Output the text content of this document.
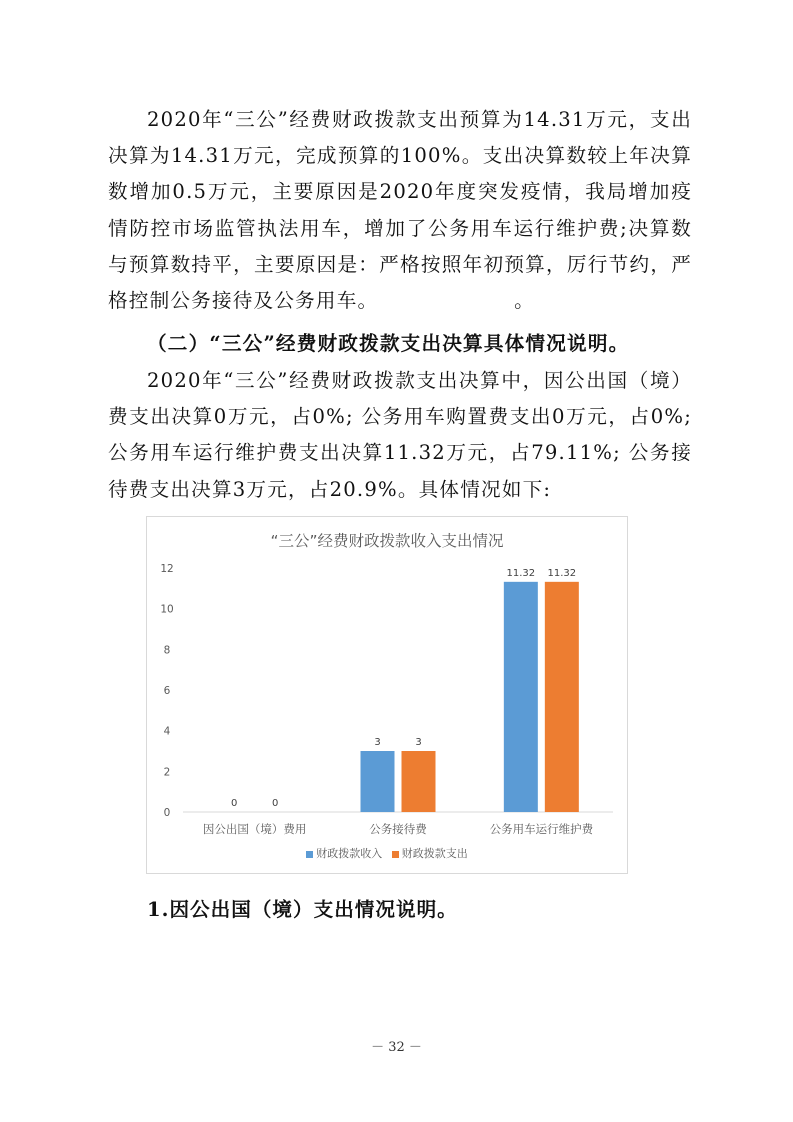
2020年“三公”经费财政拨款支出预算为14.31万元，支出决算为14.31万元，完成预算的100%。支出决算数较上年决算数增加0.5万元，主要原因是2020年度突发疫情，我局增加疫情防控市场监管执法用车，增加了公务用车运行维护费;决算数与预算数持平，主要原因是：严格按照年初预算，厉行节约，严格控制公务接待及公务用车。　　　　　　　。

（二）“三公”经费财政拨款支出决算具体情况说明。

2020年“三公”经费财政拨款支出决算中，因公出国（境）费支出决算0万元，占0%; 公务用车购置费支出0万元，占0%; 公务用车运行维护费支出决算11.32万元，占79.11%; 公务接待费支出决算3万元，占20.9%。具体情况如下:

“三公”经费财政拨款收入支出情况
0
2
4
6
8
10
12
因公出国（境）费用
0	0
公务接待费
3	3
公务用车运行维护费
11.32 11.32
财政拨款收入 财政拨款支出
1.因公出国（境）支出情况说明。
－ 32 －
